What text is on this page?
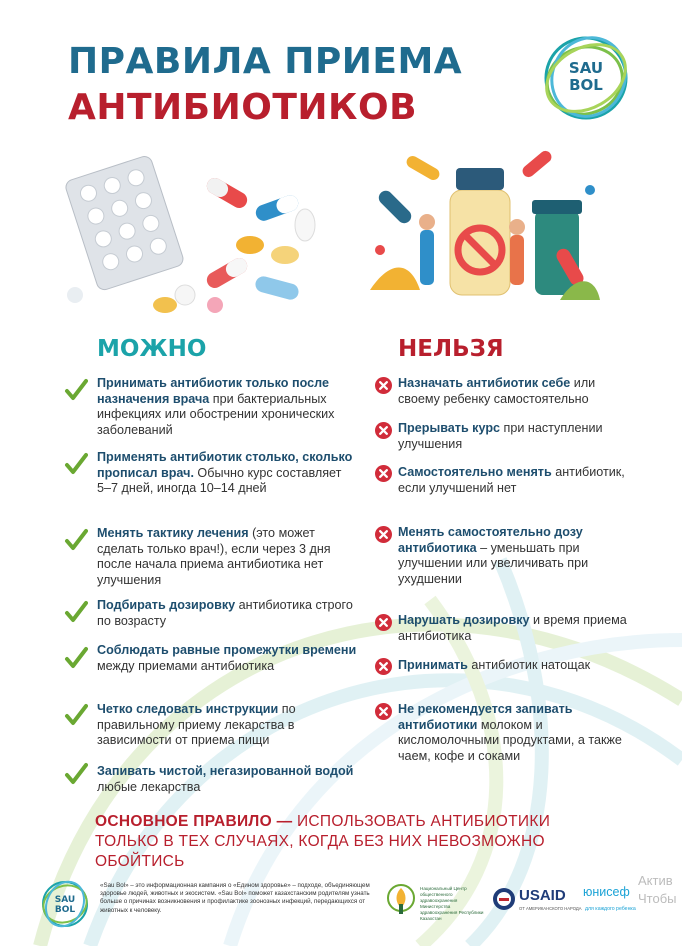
ПРАВИЛА ПРИЕМА
АНТИБИОТИКОВ
SAU
BOL
МОЖНО	НЕЛЬЗЯ
Принимать антибиотик только после назначения врача при бактериальных инфекциях или обострении хронических заболеваний
Применять антибиотик столько, сколько прописал врач. Обычно курс составляет 5–7 дней, иногда 10–14 дней
Менять тактику лечения (это может сделать только врач!), если через 3 дня после начала приема антибиотика нет улучшения
Подбирать дозировку антибиотика строго по возрасту
Соблюдать равные промежутки времени между приемами антибиотика
Четко следовать инструкции по правильному приему лекарства в зависимости от приема пищи
Запивать чистой, негазированной водой любые лекарства
Назначать антибиотик себе или своему ребенку самостоятельно
Прерывать курс при наступлении улучшения
Самостоятельно менять антибиотик, если улучшений нет
Менять самостоятельно дозу антибиотика – уменьшать при улучшении или увеличивать при ухудшении
Нарушать дозировку и время приема антибиотика
Принимать антибиотик натощак
Не рекомендуется запивать антибиотики молоком и кисломолочными продуктами, а также чаем, кофе и соками
ОСНОВНОЕ ПРАВИЛО — ИСПОЛЬЗОВАТЬ АНТИБИОТИКИ ТОЛЬКО В ТЕХ СЛУЧАЯХ, КОГДА БЕЗ НИХ НЕВОЗМОЖНО ОБОЙТИСЬ
SAU
BOL
«Sau Bol» – это информационная кампания о «Едином здоровье» – подходе, объединяющем здоровье людей, животных и экосистем. «Sau Bol» поможет казахстанским родителям узнать больше о причинах возникновения и профилактике зоонозных инфекций, передающихся от животных к человеку.
Национальный Центр общественного здравоохранения Министерства здравоохранения Республики Казахстан
USAID
ОТ АМЕРИКАНСКОГО НАРОДА
юнисеф
для каждого ребенка
Актив
Чтобы
